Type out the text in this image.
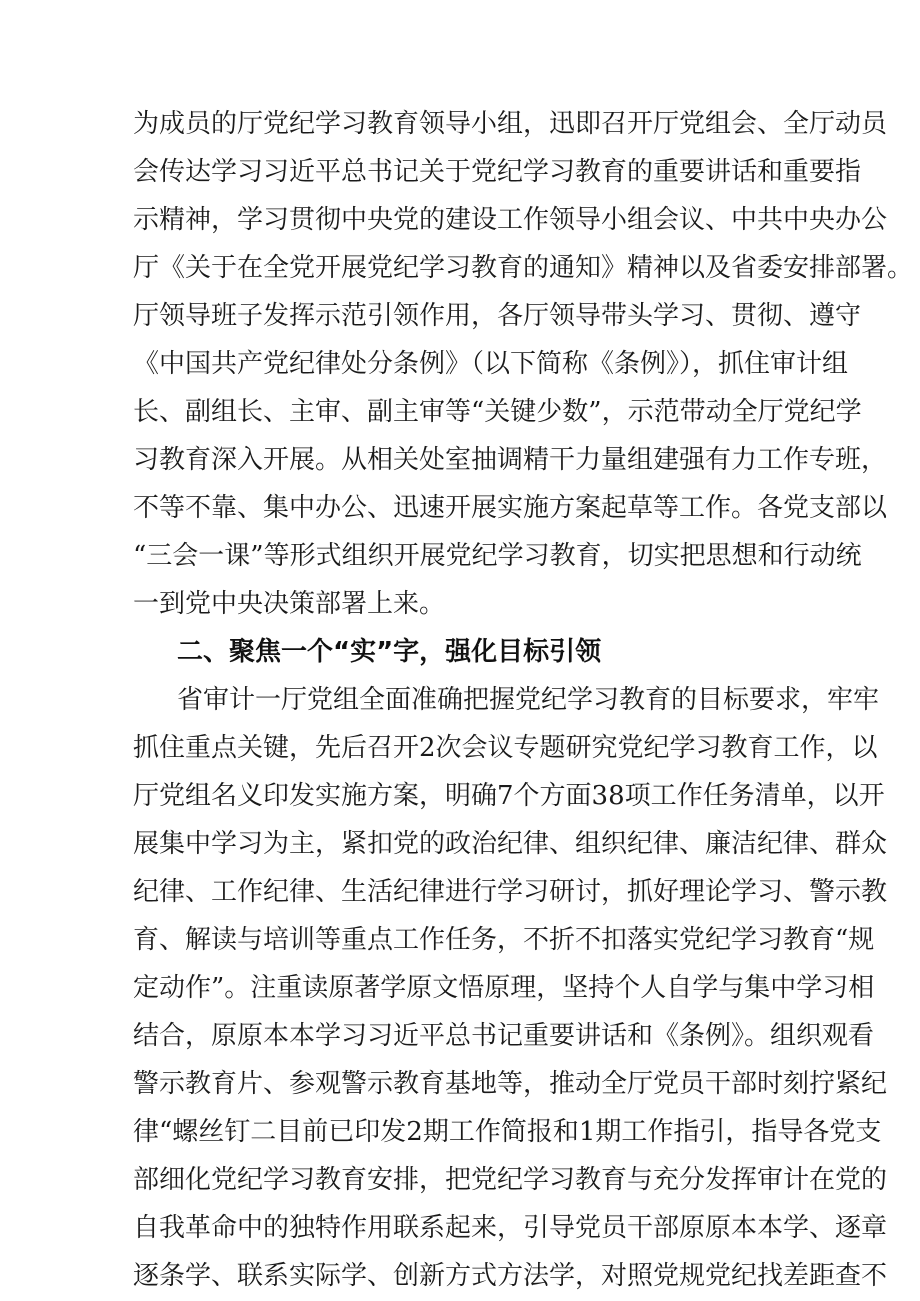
为成员的厅党纪学习教育领导小组，迅即召开厅党组会、全厅动员
会传达学习习近平总书记关于党纪学习教育的重要讲话和重要指
示精神，学习贯彻中央党的建设工作领导小组会议、中共中央办公
厅《关于在全党开展党纪学习教育的通知》精神以及省委安排部署。
厅领导班子发挥示范引领作用，各厅领导带头学习、贯彻、遵守
《中国共产党纪律处分条例》（以下简称《条例》），抓住审计组
长、副组长、主审、副主审等“关键少数”，示范带动全厅党纪学
习教育深入开展。从相关处室抽调精干力量组建强有力工作专班，
不等不靠、集中办公、迅速开展实施方案起草等工作。各党支部以
“三会一课”等形式组织开展党纪学习教育，切实把思想和行动统
一到党中央决策部署上来。
二、聚焦一个“实”字，强化目标引领
省审计一厅党组全面准确把握党纪学习教育的目标要求，牢牢
抓住重点关键，先后召开2次会议专题研究党纪学习教育工作，以
厅党组名义印发实施方案，明确7个方面38项工作任务清单，以开
展集中学习为主，紧扣党的政治纪律、组织纪律、廉洁纪律、群众
纪律、工作纪律、生活纪律进行学习研讨，抓好理论学习、警示教
育、解读与培训等重点工作任务，不折不扣落实党纪学习教育“规
定动作”。注重读原著学原文悟原理，坚持个人自学与集中学习相
结合，原原本本学习习近平总书记重要讲话和《条例》。组织观看
警示教育片、参观警示教育基地等，推动全厅党员干部时刻拧紧纪
律“螺丝钉二目前已印发2期工作简报和1期工作指引，指导各党支
部细化党纪学习教育安排，把党纪学习教育与充分发挥审计在党的
自我革命中的独特作用联系起来，引导党员干部原原本本学、逐章
逐条学、联系实际学、创新方式方法学，对照党规党纪找差距查不
